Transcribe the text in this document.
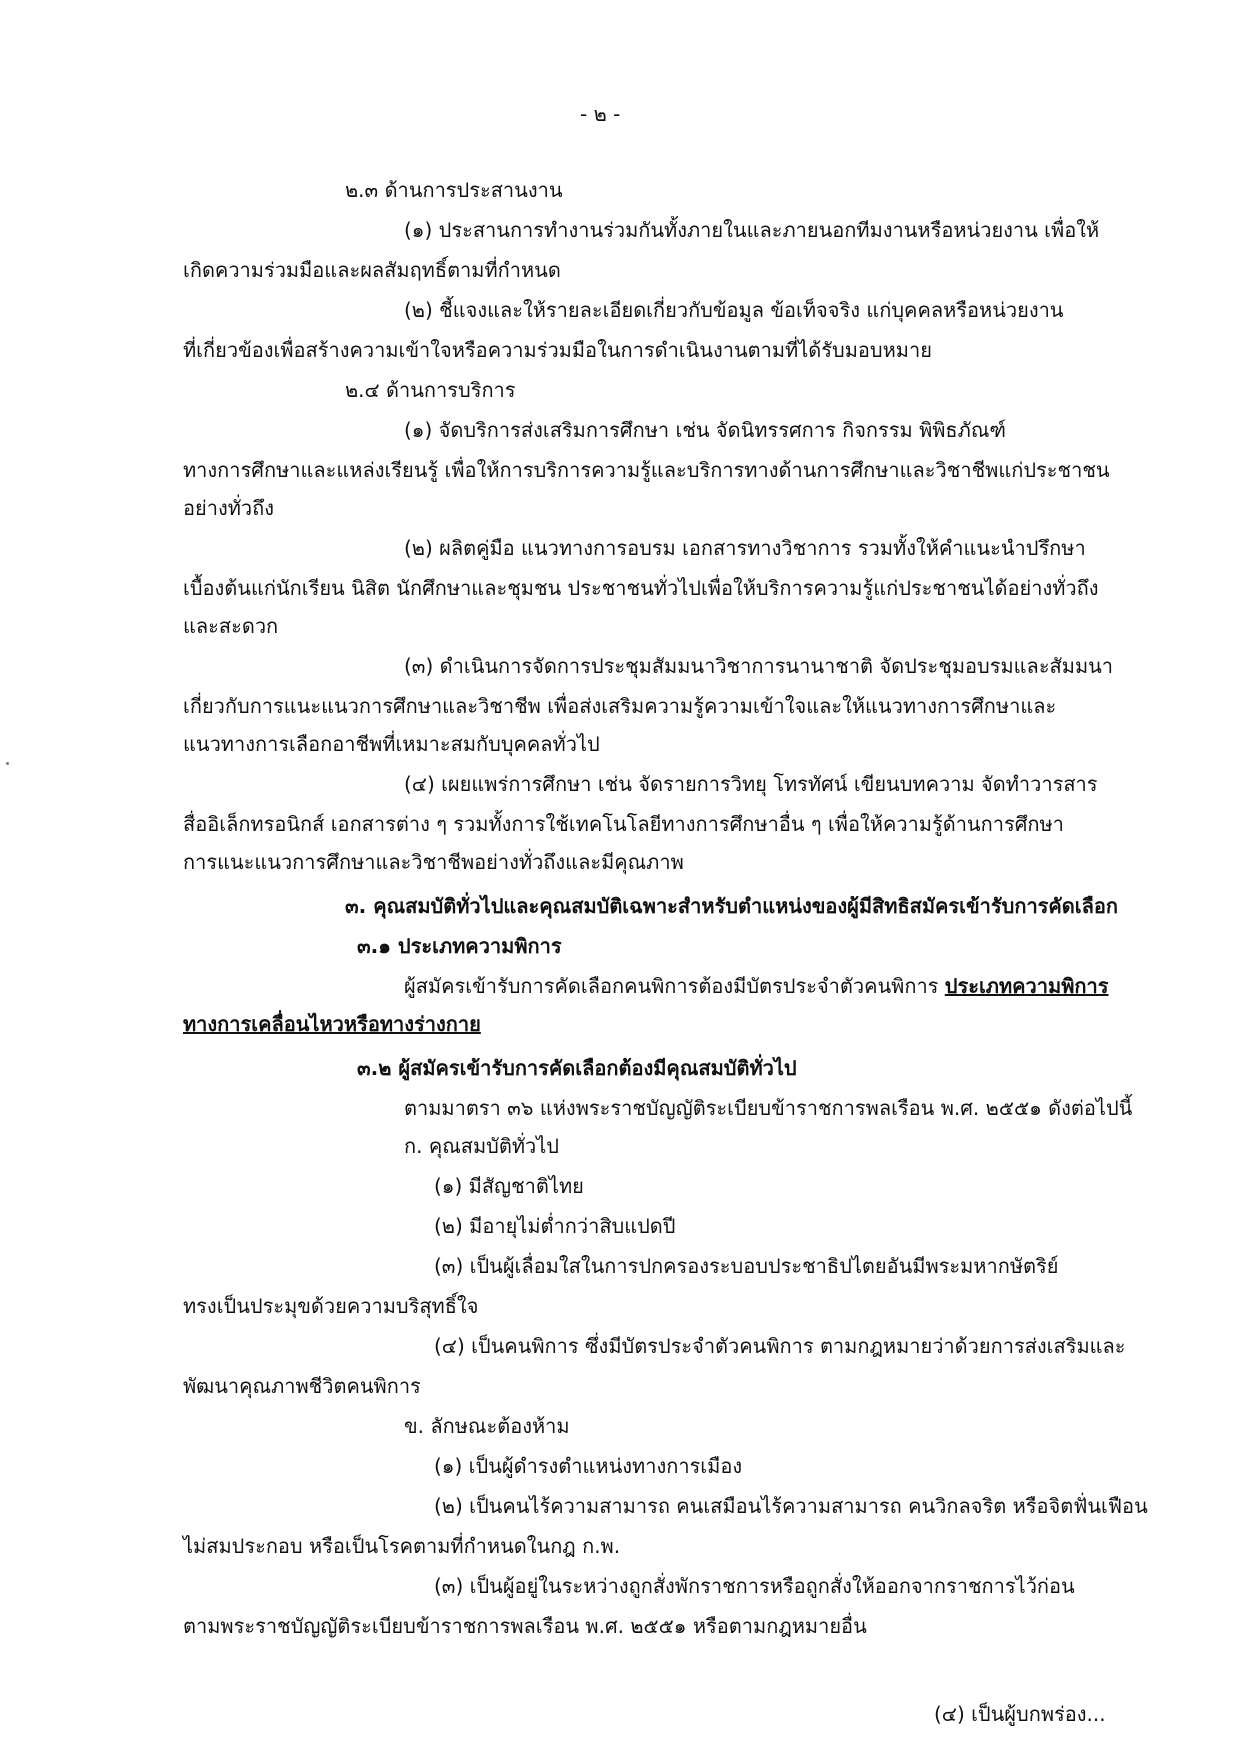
- ๒ -
๒.๓ ด้านการประสานงาน
(๑) ประสานการทำงานร่วมกันทั้งภายในและภายนอกทีมงานหรือหน่วยงาน เพื่อให้
เกิดความร่วมมือและผลสัมฤทธิ์ตามที่กำหนด
(๒) ชี้แจงและให้รายละเอียดเกี่ยวกับข้อมูล ข้อเท็จจริง แก่บุคคลหรือหน่วยงาน
ที่เกี่ยวข้องเพื่อสร้างความเข้าใจหรือความร่วมมือในการดำเนินงานตามที่ได้รับมอบหมาย
๒.๔ ด้านการบริการ
(๑) จัดบริการส่งเสริมการศึกษา เช่น จัดนิทรรศการ กิจกรรม พิพิธภัณฑ์
ทางการศึกษาและแหล่งเรียนรู้ เพื่อให้การบริการความรู้และบริการทางด้านการศึกษาและวิชาชีพแก่ประชาชน
อย่างทั่วถึง
(๒) ผลิตคู่มือ แนวทางการอบรม เอกสารทางวิชาการ รวมทั้งให้คำแนะนำปรึกษา
เบื้องต้นแก่นักเรียน นิสิต นักศึกษาและชุมชน ประชาชนทั่วไปเพื่อให้บริการความรู้แก่ประชาชนได้อย่างทั่วถึง
และสะดวก
(๓) ดำเนินการจัดการประชุมสัมมนาวิชาการนานาชาติ จัดประชุมอบรมและสัมมนา
เกี่ยวกับการแนะแนวการศึกษาและวิชาชีพ เพื่อส่งเสริมความรู้ความเข้าใจและให้แนวทางการศึกษาและ
แนวทางการเลือกอาชีพที่เหมาะสมกับบุคคลทั่วไป
(๔) เผยแพร่การศึกษา เช่น จัดรายการวิทยุ โทรทัศน์ เขียนบทความ จัดทำวารสาร
สื่ออิเล็กทรอนิกส์ เอกสารต่าง ๆ รวมทั้งการใช้เทคโนโลยีทางการศึกษาอื่น ๆ เพื่อให้ความรู้ด้านการศึกษา
การแนะแนวการศึกษาและวิชาชีพอย่างทั่วถึงและมีคุณภาพ
๓. คุณสมบัติทั่วไปและคุณสมบัติเฉพาะสำหรับตำแหน่งของผู้มีสิทธิสมัครเข้ารับการคัดเลือก
๓.๑ ประเภทความพิการ
ผู้สมัครเข้ารับการคัดเลือกคนพิการต้องมีบัตรประจำตัวคนพิการ ประเภทความพิการ
ทางการเคลื่อนไหวหรือทางร่างกาย
๓.๒ ผู้สมัครเข้ารับการคัดเลือกต้องมีคุณสมบัติทั่วไป
ตามมาตรา ๓๖ แห่งพระราชบัญญัติระเบียบข้าราชการพลเรือน พ.ศ. ๒๕๕๑ ดังต่อไปนี้
ก. คุณสมบัติทั่วไป
(๑) มีสัญชาติไทย
(๒) มีอายุไม่ต่ำกว่าสิบแปดปี
(๓) เป็นผู้เลื่อมใสในการปกครองระบอบประชาธิปไตยอันมีพระมหากษัตริย์
ทรงเป็นประมุขด้วยความบริสุทธิ์ใจ
(๔) เป็นคนพิการ ซึ่งมีบัตรประจำตัวคนพิการ ตามกฎหมายว่าด้วยการส่งเสริมและ
พัฒนาคุณภาพชีวิตคนพิการ
ข. ลักษณะต้องห้าม
(๑) เป็นผู้ดำรงตำแหน่งทางการเมือง
(๒) เป็นคนไร้ความสามารถ คนเสมือนไร้ความสามารถ คนวิกลจริต หรือจิตฟั่นเฟือน
ไม่สมประกอบ หรือเป็นโรคตามที่กำหนดในกฎ ก.พ.
(๓) เป็นผู้อยู่ในระหว่างถูกสั่งพักราชการหรือถูกสั่งให้ออกจากราชการไว้ก่อน
ตามพระราชบัญญัติระเบียบข้าราชการพลเรือน พ.ศ. ๒๕๕๑ หรือตามกฎหมายอื่น
(๔) เป็นผู้บกพร่อง...
